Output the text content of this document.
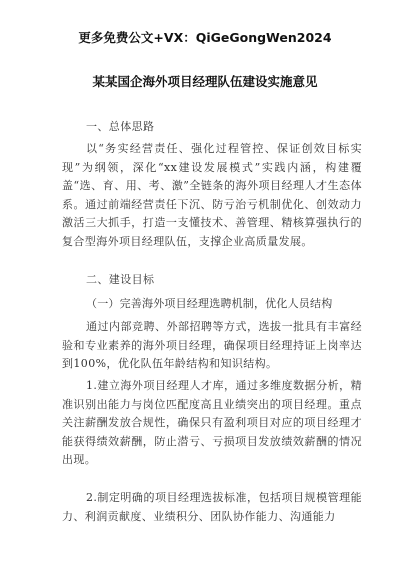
更多免费公文+VX：QiGeGongWen2024
某某国企海外项目经理队伍建设实施意见

一、总体思路

以“务实经营责任、强化过程管控、保证创效目标实现”为纲领，深化“xx建设发展模式”实践内涵，构建覆盖“选、育、用、考、激”全链条的海外项目经理人才生态体系。通过前端经营责任下沉、防亏治亏机制优化、创效动力激活三大抓手，打造一支懂技术、善管理、精核算强执行的复合型海外项目经理队伍，支撑企业高质量发展。

二、建设目标

（一）完善海外项目经理选聘机制，优化人员结构

通过内部竞聘、外部招聘等方式，选拔一批具有丰富经验和专业素养的海外项目经理，确保项目经理持证上岗率达到100%，优化队伍年龄结构和知识结构。

1.建立海外项目经理人才库，通过多维度数据分析，精准识别出能力与岗位匹配度高且业绩突出的项目经理。重点关注薪酬发放合规性，确保只有盈利项目对应的项目经理才能获得绩效薪酬，防止潜亏、亏损项目发放绩效薪酬的情况出现。

2.制定明确的项目经理选拔标准，包括项目规模管理能力、利润贡献度、业绩积分、团队协作能力、沟通能力
